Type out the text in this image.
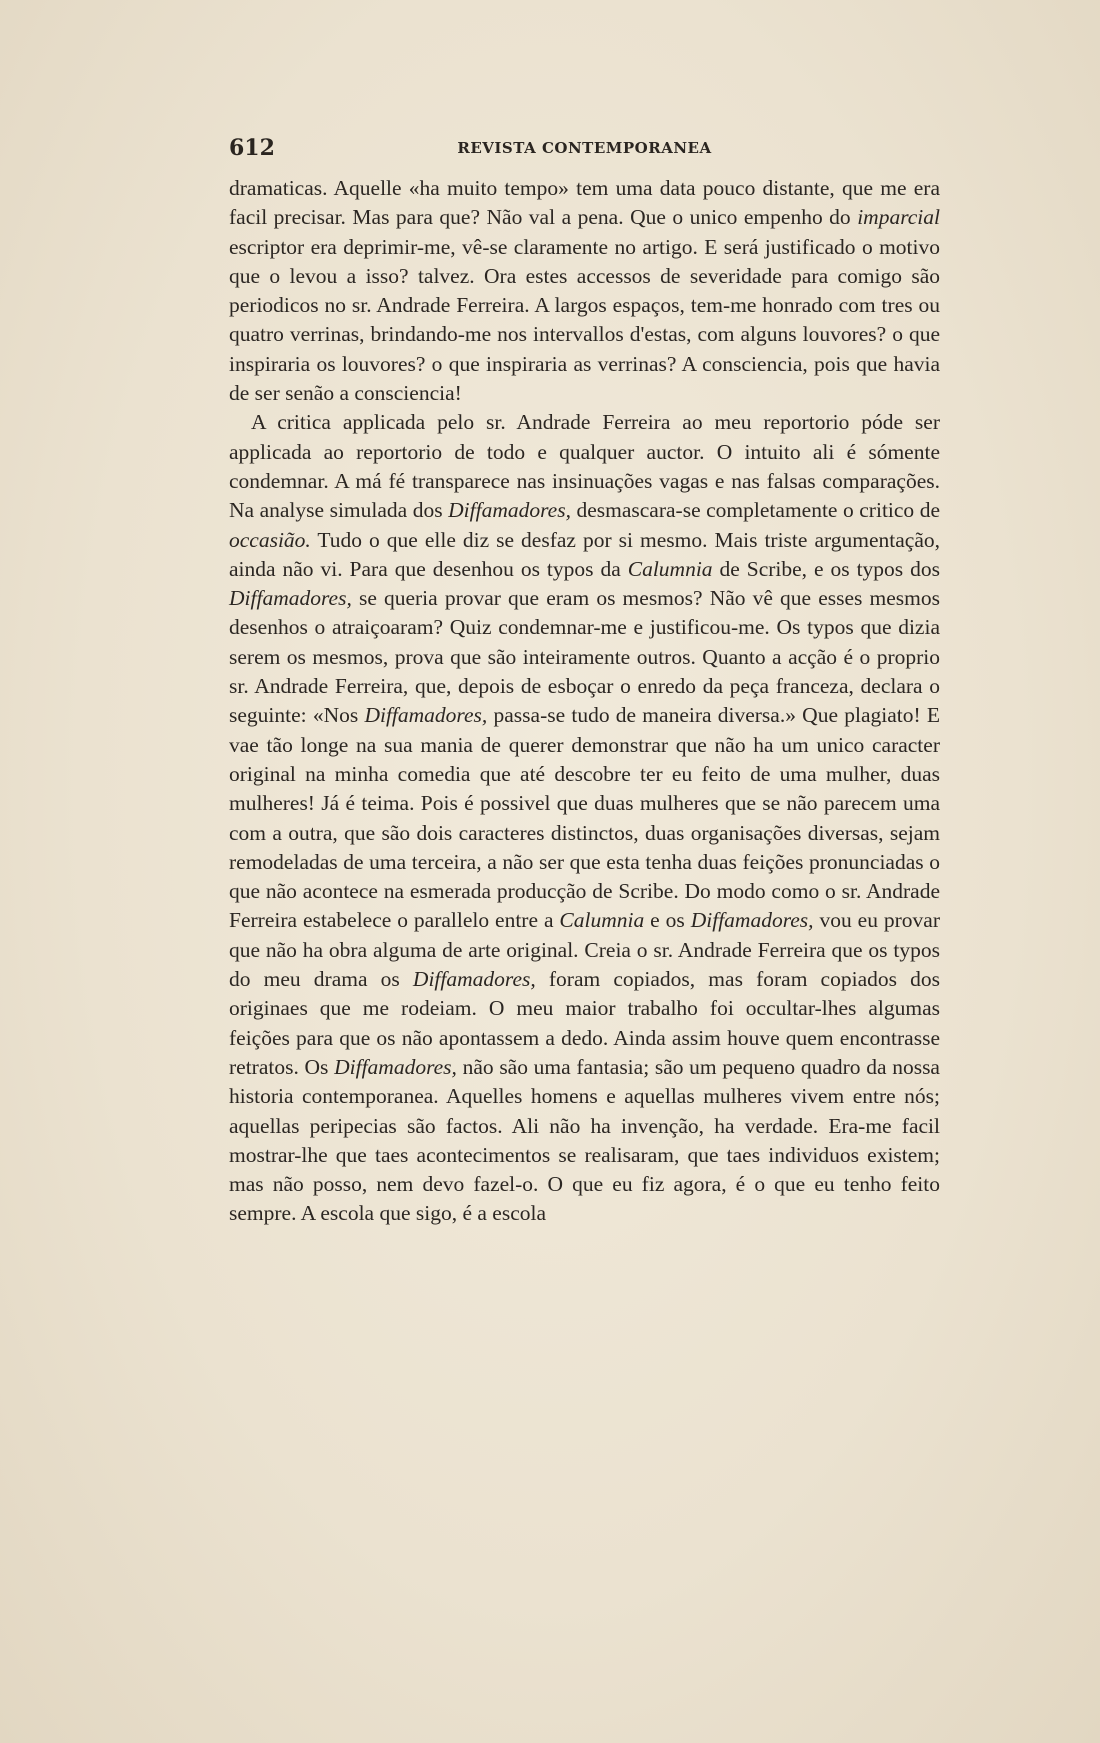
612	REVISTA CONTEMPORANEA

dramaticas. Aquelle «ha muito tempo» tem uma data pouco distante, que me era facil precisar. Mas para que? Não val a pena. Que o unico empenho do imparcial escriptor era deprimir-me, vê-se claramente no artigo. E será justificado o motivo que o levou a isso? talvez. Ora estes accessos de severidade para comigo são periodicos no sr. Andrade Ferreira. A largos espaços, tem-me honrado com tres ou quatro verrinas, brindando-me nos intervallos d'estas, com alguns louvores? o que inspiraria os louvores? o que inspiraria as verrinas? A consciencia, pois que havia de ser senão a consciencia!

A critica applicada pelo sr. Andrade Ferreira ao meu reportorio póde ser applicada ao reportorio de todo e qualquer auctor. O intuito ali é sómente condemnar. A má fé transparece nas insinuações vagas e nas falsas comparações. Na analyse simulada dos Diffamadores, desmascara-se completamente o critico de occasião. Tudo o que elle diz se desfaz por si mesmo. Mais triste argumentação, ainda não vi. Para que desenhou os typos da Calumnia de Scribe, e os typos dos Diffamadores, se queria provar que eram os mesmos? Não vê que esses mesmos desenhos o atraiçoaram? Quiz condemnar-me e justificou-me. Os typos que dizia serem os mesmos, prova que são inteiramente outros. Quanto a acção é o proprio sr. Andrade Ferreira, que, depois de esboçar o enredo da peça franceza, declara o seguinte: «Nos Diffamadores, passa-se tudo de maneira diversa.» Que plagiato! E vae tão longe na sua mania de querer demonstrar que não ha um unico caracter original na minha comedia que até descobre ter eu feito de uma mulher, duas mulheres! Já é teima. Pois é possivel que duas mulheres que se não parecem uma com a outra, que são dois caracteres distinctos, duas organisações diversas, sejam remodeladas de uma terceira, a não ser que esta tenha duas feições pronunciadas o que não acontece na esmerada producção de Scribe. Do modo como o sr. Andrade Ferreira estabelece o parallelo entre a Calumnia e os Diffamadores, vou eu provar que não ha obra alguma de arte original. Creia o sr. Andrade Ferreira que os typos do meu drama os Diffamadores, foram copiados, mas foram copiados dos originaes que me rodeiam. O meu maior trabalho foi occultar-lhes algumas feições para que os não apontassem a dedo. Ainda assim houve quem encontrasse retratos. Os Diffamadores, não são uma fantasia; são um pequeno quadro da nossa historia contemporanea. Aquelles homens e aquellas mulheres vivem entre nós; aquellas peripecias são factos. Ali não ha invenção, ha verdade. Era-me facil mostrar-lhe que taes acontecimentos se realisaram, que taes individuos existem; mas não posso, nem devo fazel-o. O que eu fiz agora, é o que eu tenho feito sempre. A escola que sigo, é a escola
